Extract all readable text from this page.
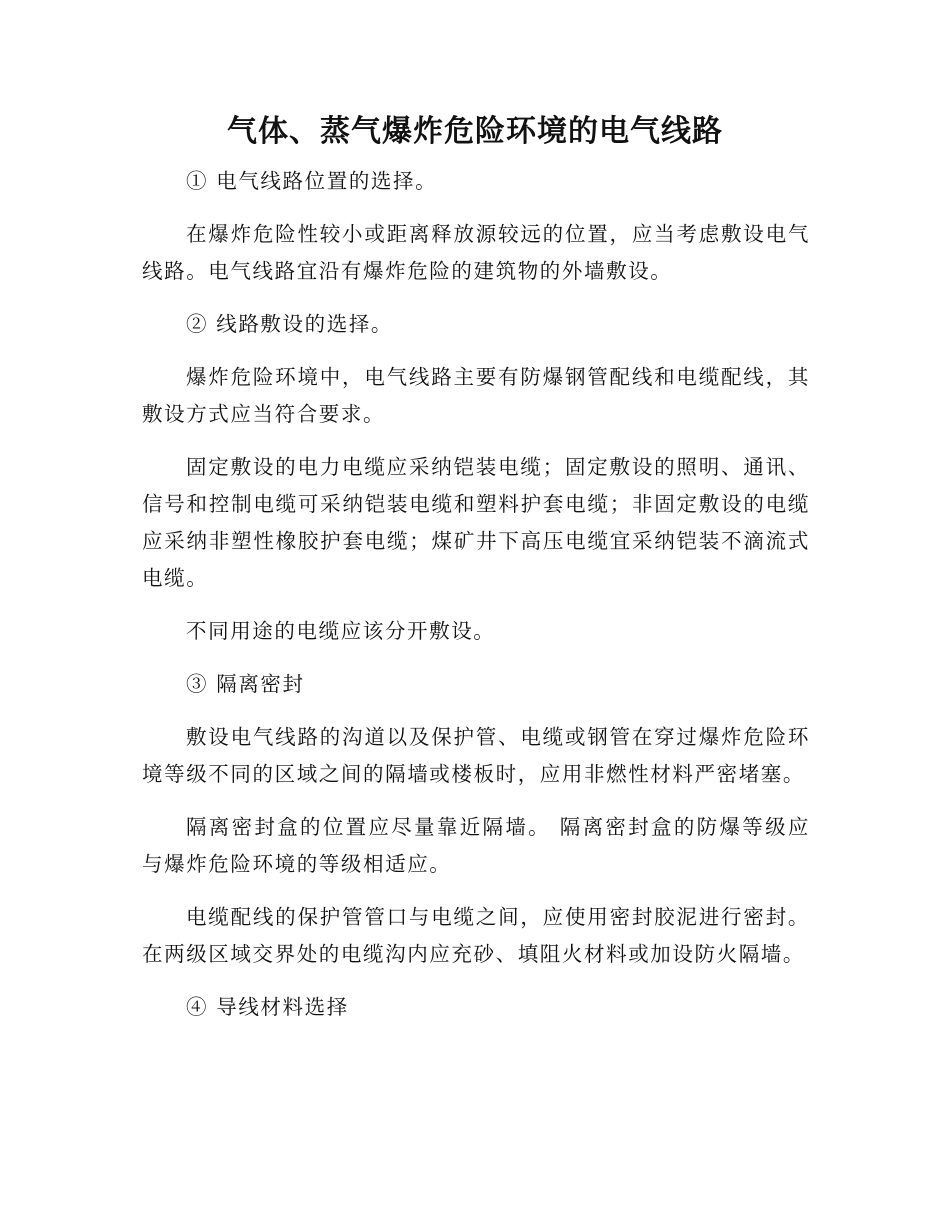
气体、蒸气爆炸危险环境的电气线路

① 电气线路位置的选择。

在爆炸危险性较小或距离释放源较远的位置，应当考虑敷设电气线路。电气线路宜沿有爆炸危险的建筑物的外墙敷设。

② 线路敷设的选择。

爆炸危险环境中，电气线路主要有防爆钢管配线和电缆配线，其敷设方式应当符合要求。

固定敷设的电力电缆应采纳铠装电缆；固定敷设的照明、通讯、信号和控制电缆可采纳铠装电缆和塑料护套电缆；非固定敷设的电缆应采纳非塑性橡胶护套电缆；煤矿井下高压电缆宜采纳铠装不滴流式电缆。

不同用途的电缆应该分开敷设。

③ 隔离密封

敷设电气线路的沟道以及保护管、电缆或钢管在穿过爆炸危险环境等级不同的区域之间的隔墙或楼板时，应用非燃性材料严密堵塞。

隔离密封盒的位置应尽量靠近隔墙。 隔离密封盒的防爆等级应与爆炸危险环境的等级相适应。

电缆配线的保护管管口与电缆之间，应使用密封胶泥进行密封。在两级区域交界处的电缆沟内应充砂、填阻火材料或加设防火隔墙。

④ 导线材料选择
